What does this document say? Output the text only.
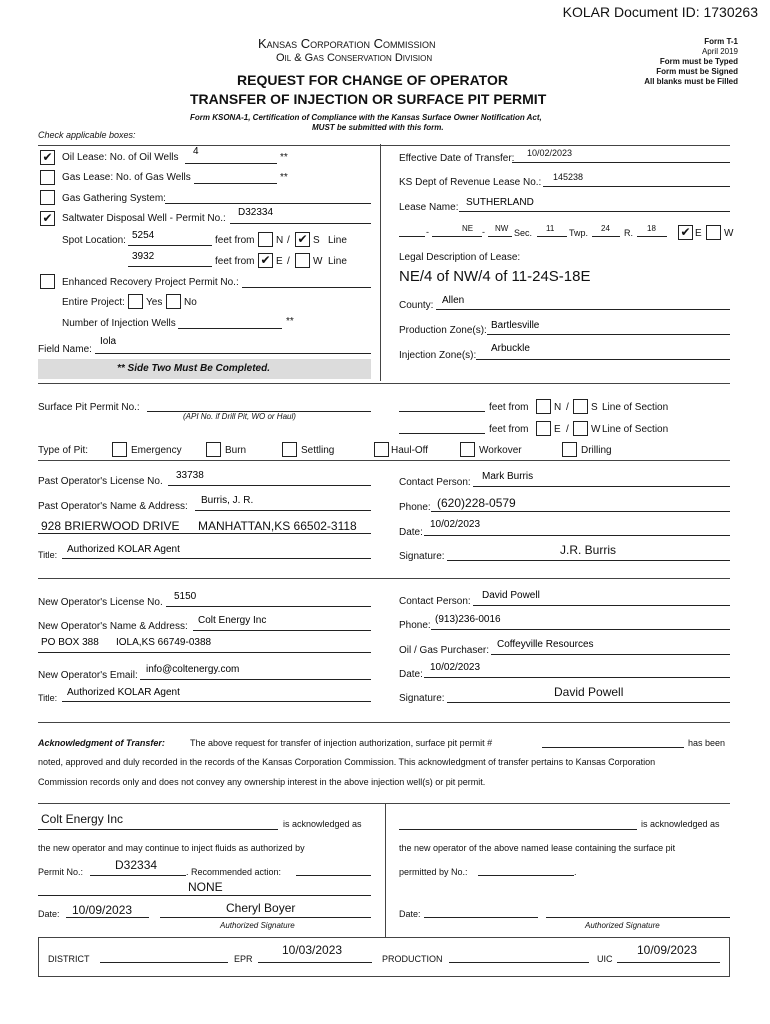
KOLAR Document ID: 1730263
Kansas Corporation Commission
Oil & Gas Conservation Division
REQUEST FOR CHANGE OF OPERATOR
TRANSFER OF INJECTION OR SURFACE PIT PERMIT
Form T-1
April 2019
Form must be Typed
Form must be Signed
All blanks must be Filled
Form KSONA-1, Certification of Compliance with the Kansas Surface Owner Notification Act,
MUST be submitted with this form.
Check applicable boxes:
✔ Oil Lease: No. of Oil Wells
4
**
Gas Lease: No. of Gas Wells	**
Gas Gathering System:
✔ Saltwater Disposal Well - Permit No.:
D32334
Spot Location: 5254	feet from N / ✔ S Line
3932	feet from ✔ E / W Line
Enhanced Recovery Project Permit No.:
Entire Project: Yes No
Number of Injection Wells	**
Field Name:
Iola
** Side Two Must Be Completed.
Effective Date of Transfer: 10/02/2023
KS Dept of Revenue Lease No.: 145238
Lease Name: SUTHERLAND
-	NE - NW Sec. 11 Twp. 24 R. 18 ✔ E W
Legal Description of Lease:
NE/4 of NW/4 of 11-24S-18E
County: Allen
Production Zone(s): Bartlesville
Injection Zone(s):
Arbuckle
Surface Pit Permit No.:
(API No. if Drill Pit, WO or Haul)
feet from	N / S Line of Section
feet from	E / W Line of Section
Type of Pit:	Emergency	Burn	Settling	Haul-Off	Workover	Drilling
Past Operator's License No.
33738
Past Operator's Name & Address:
Burris, J. R.
928 BRIERWOOD DRIVE MANHATTAN,KS 66502-3118
Title: Authorized KOLAR Agent
Contact Person:
Mark Burris
Phone: (620)228-0579
Date:
10/02/2023
Signature:	J.R. Burris
New Operator's License No.
5150
New Operator's Name & Address:
Colt Energy Inc
PO BOX 388 IOLA,KS 66749-0388
New Operator's Email:
info@coltenergy.com
Title: Authorized KOLAR Agent
Contact Person:
David Powell
Phone:
(913)236-0016
Oil / Gas Purchaser:
Coffeyville Resources
Date:
10/02/2023
Signature:	David Powell
Acknowledgment of Transfer:	The above request for transfer of injection authorization, surface pit permit #	has been
noted, approved and duly recorded in the records of the Kansas Corporation Commission. This acknowledgment of transfer pertains to Kansas Corporation
Commission records only and does not convey any ownership interest in the above injection well(s) or pit permit.
Colt Energy Inc	is acknowledged as	is acknowledged as
the new operator and may continue to inject fluids as authorized by	the new operator of the above named lease containing the surface pit
Permit No.:	D32334	. Recommended action:
NONE
permitted by No.:	.
Date: 10/09/2023	Cheryl Boyer
Authorized Signature
Date:
Authorized Signature
DISTRICT	EPR
10/03/2023
PRODUCTION	UIC
10/09/2023
